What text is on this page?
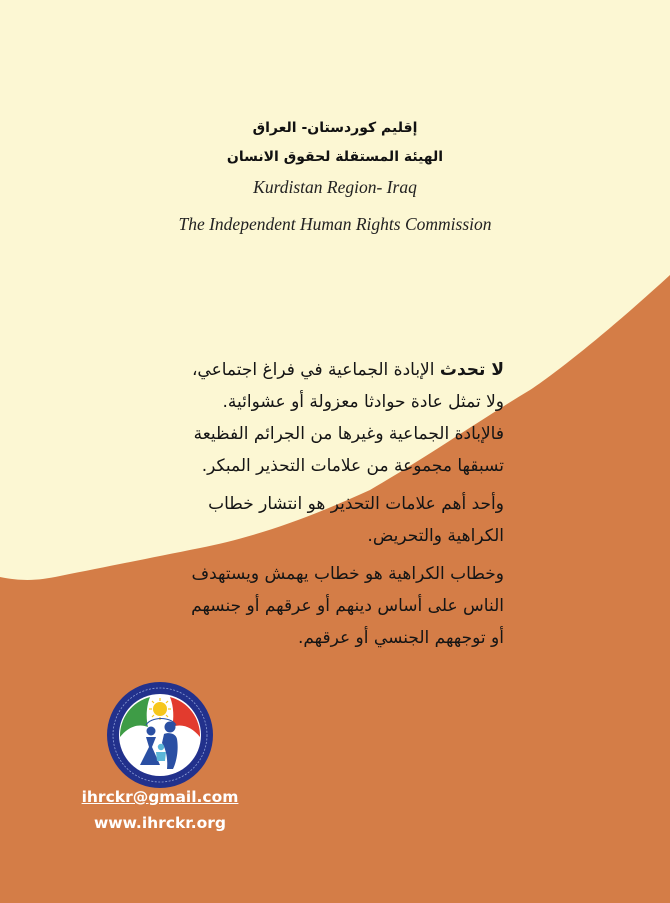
إقليم كوردستان- العراق
الهيئة المستقلة لحقوق الانسان
Kurdistan Region- Iraq
The Independent Human Rights Commission
لا تحدث الإبادة الجماعية في فراغ اجتماعي،
ولا تمثل عادة حوادثا معزولة أو عشوائية.
فالإبادة الجماعية وغيرها من الجرائم الفظيعة
تسبقها مجموعة من علامات التحذير المبكر.
وأحد أهم علامات التحذير هو انتشار خطاب
الكراهية والتحريض.
وخطاب الكراهية هو خطاب يهمش ويستهدف
الناس على أساس دينهم أو عرقهم أو جنسهم
أو توجههم الجنسي أو عرقهم.
ihrckr@gmail.com
www.ihrckr.org
